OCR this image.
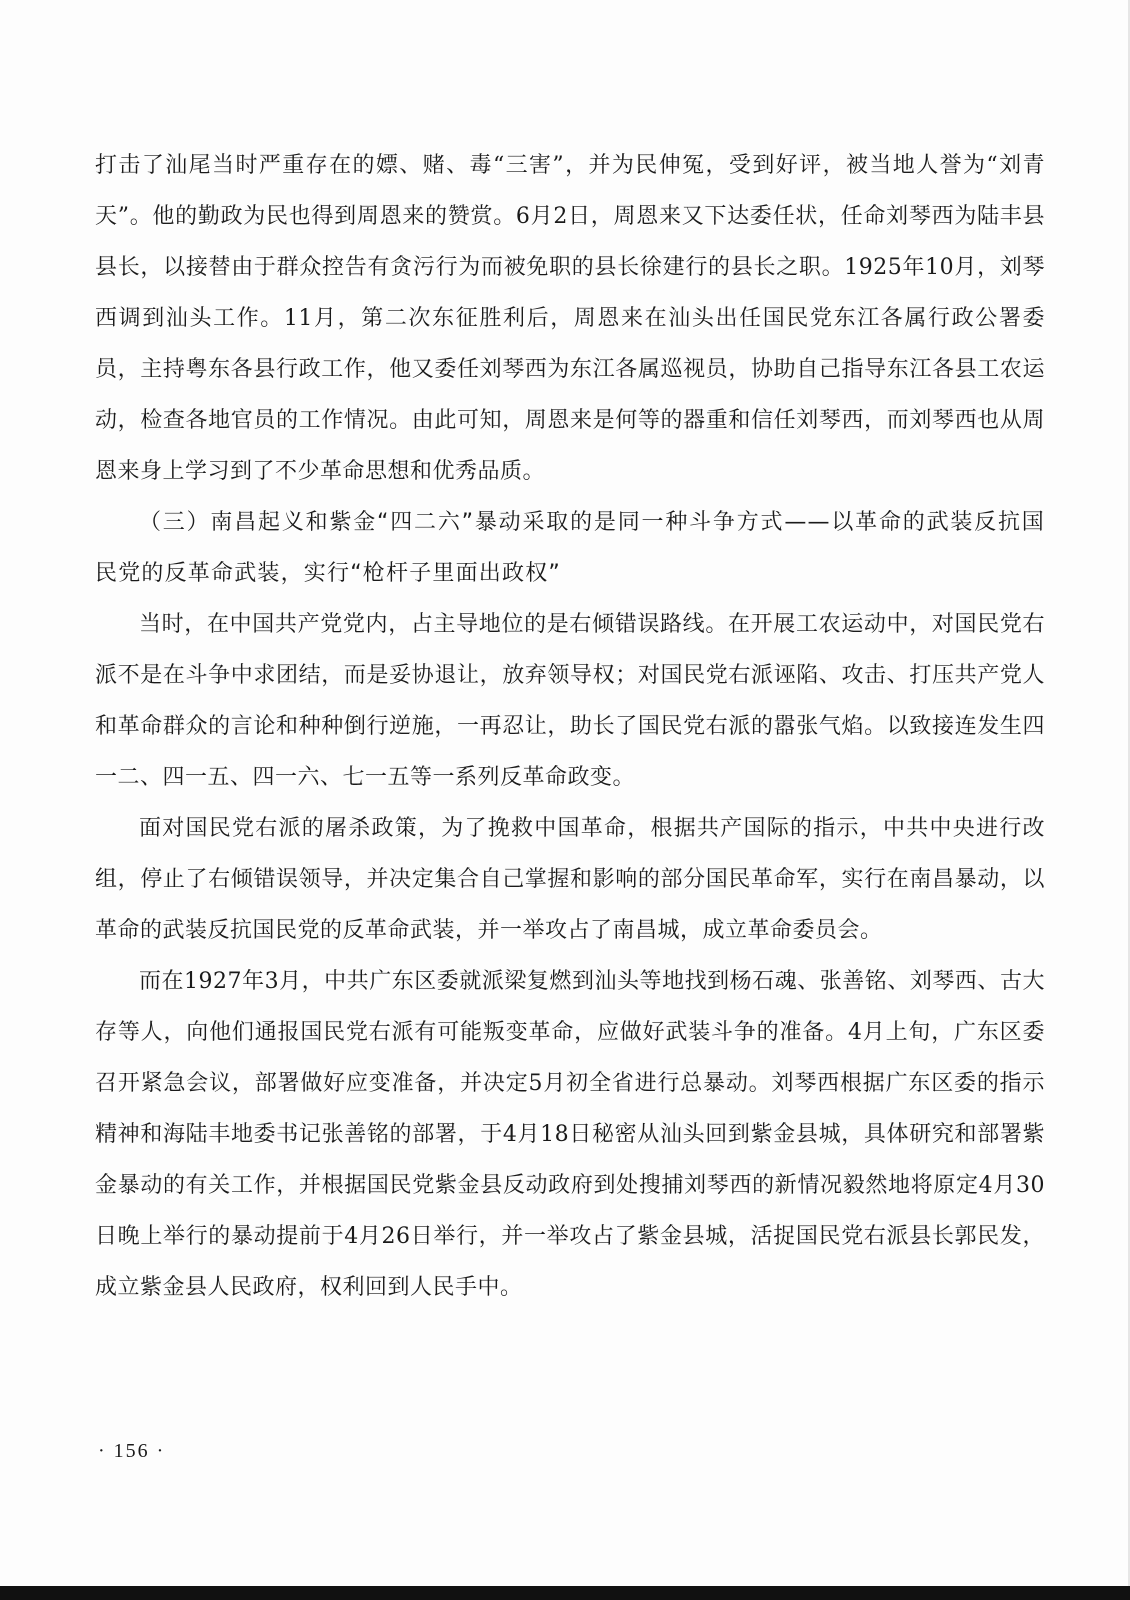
打击了汕尾当时严重存在的嫖、赌、毒“三害”，并为民伸冤，受到好评，被当地人誉为“刘青天”。他的勤政为民也得到周恩来的赞赏。6月2日，周恩来又下达委任状，任命刘琴西为陆丰县县长，以接替由于群众控告有贪污行为而被免职的县长徐建行的县长之职。1925年10月，刘琴西调到汕头工作。11月，第二次东征胜利后，周恩来在汕头出任国民党东江各属行政公署委员，主持粤东各县行政工作，他又委任刘琴西为东江各属巡视员，协助自己指导东江各县工农运动，检查各地官员的工作情况。由此可知，周恩来是何等的器重和信任刘琴西，而刘琴西也从周恩来身上学习到了不少革命思想和优秀品质。

（三）南昌起义和紫金“四二六”暴动采取的是同一种斗争方式——以革命的武装反抗国民党的反革命武装，实行“枪杆子里面出政权”

当时，在中国共产党党内，占主导地位的是右倾错误路线。在开展工农运动中，对国民党右派不是在斗争中求团结，而是妥协退让，放弃领导权；对国民党右派诬陷、攻击、打压共产党人和革命群众的言论和种种倒行逆施，一再忍让，助长了国民党右派的嚣张气焰。以致接连发生四一二、四一五、四一六、七一五等一系列反革命政变。

面对国民党右派的屠杀政策，为了挽救中国革命，根据共产国际的指示，中共中央进行改组，停止了右倾错误领导，并决定集合自己掌握和影响的部分国民革命军，实行在南昌暴动，以革命的武装反抗国民党的反革命武装，并一举攻占了南昌城，成立革命委员会。

而在1927年3月，中共广东区委就派梁复燃到汕头等地找到杨石魂、张善铭、刘琴西、古大存等人，向他们通报国民党右派有可能叛变革命，应做好武装斗争的准备。4月上旬，广东区委召开紧急会议，部署做好应变准备，并决定5月初全省进行总暴动。刘琴西根据广东区委的指示精神和海陆丰地委书记张善铭的部署，于4月18日秘密从汕头回到紫金县城，具体研究和部署紫金暴动的有关工作，并根据国民党紫金县反动政府到处搜捕刘琴西的新情况毅然地将原定4月30日晚上举行的暴动提前于4月26日举行，并一举攻占了紫金县城，活捉国民党右派县长郭民发，成立紫金县人民政府，权利回到人民手中。

· 156 ·
